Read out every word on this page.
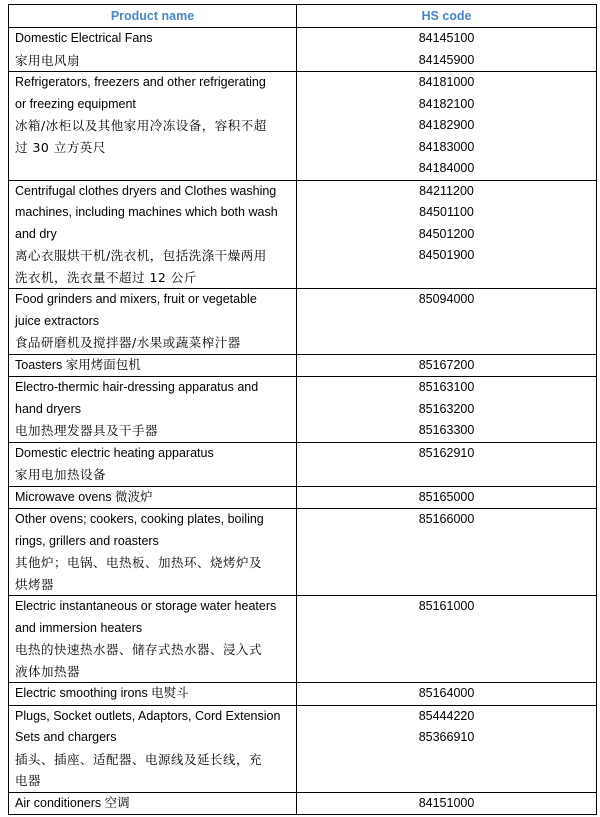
Product name	HS code

Domestic Electrical Fans
家用电风扇	84145100
84145900

Refrigerators, freezers and other refrigerating
or freezing equipment
冰箱/冰柜以及其他家用冷冻设备，容积不超
过 30 立方英尺	84181000
84182100
84182900
84183000
84184000

Centrifugal clothes dryers and Clothes washing
machines, including machines which both wash
and dry
离心衣服烘干机/洗衣机，包括洗涤干燥两用
洗衣机，洗衣量不超过 12 公斤	84211200
84501100
84501200
84501900

Food grinders and mixers, fruit or vegetable
juice extractors
食品研磨机及搅拌器/水果或蔬菜榨汁器	85094000

Toasters 家用烤面包机	85167200

Electro-thermic hair-dressing apparatus and
hand dryers
电加热理发器具及干手器	85163100
85163200
85163300

Domestic electric heating apparatus
家用电加热设备	85162910

Microwave ovens 微波炉	85165000

Other ovens; cookers, cooking plates, boiling
rings, grillers and roasters
其他炉；电锅、电热板、加热环、烧烤炉及
烘烤器	85166000

Electric instantaneous or storage water heaters
and immersion heaters
电热的快速热水器、储存式热水器、浸入式
液体加热器	85161000

Electric smoothing irons 电熨斗	85164000

Plugs, Socket outlets, Adaptors, Cord Extension
Sets and chargers
插头、插座、适配器、电源线及延长线，充
电器	85444220
85366910

Air conditioners 空调	84151000
